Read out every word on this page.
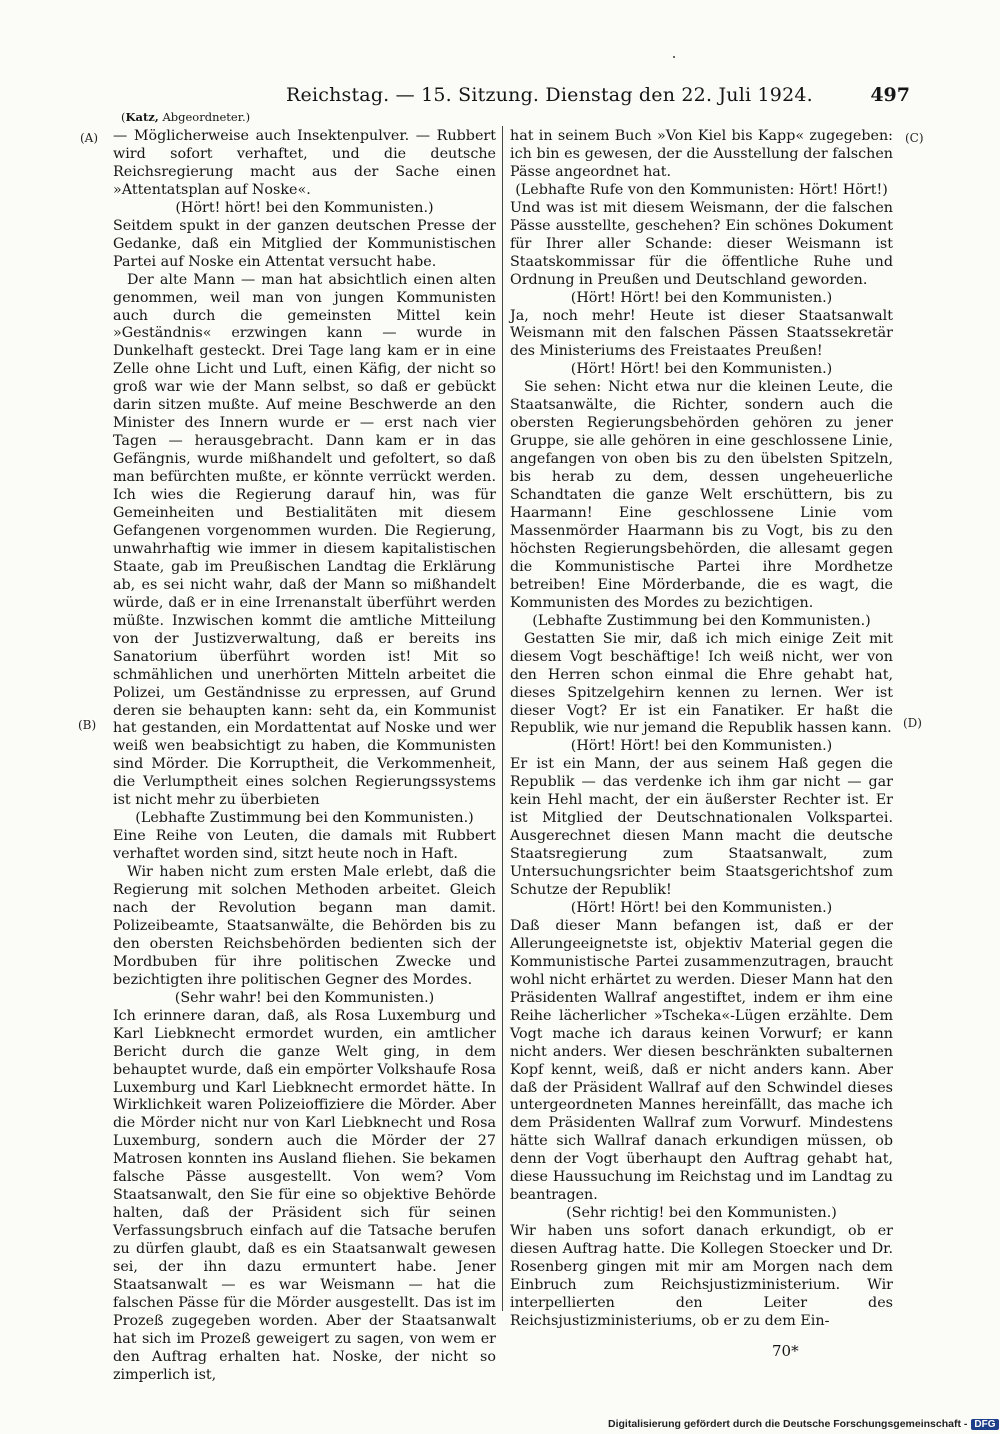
Reichstag. — 15. Sitzung. Dienstag den 22. Juli 1924.	497
(Katz, Abgeordneter.)
(A)
(B)
(C)
(D)

— Möglicherweise auch Insektenpulver. — Rubbert wird sofort verhaftet, und die deutsche Reichsregierung macht aus der Sache einen »Attentatsplan auf Noske«.

(Hört! hört! bei den Kommunisten.)

Seitdem spukt in der ganzen deutschen Presse der Gedanke, daß ein Mitglied der Kommunistischen Partei auf Noske ein Attentat versucht habe.

Der alte Mann — man hat absichtlich einen alten genommen, weil man von jungen Kommunisten auch durch die gemeinsten Mittel kein »Geständnis« erzwingen kann — wurde in Dunkelhaft gesteckt. Drei Tage lang kam er in eine Zelle ohne Licht und Luft, einen Käfig, der nicht so groß war wie der Mann selbst, so daß er gebückt darin sitzen mußte. Auf meine Beschwerde an den Minister des Innern wurde er — erst nach vier Tagen — herausgebracht. Dann kam er in das Gefängnis, wurde mißhandelt und gefoltert, so daß man befürchten mußte, er könnte verrückt werden. Ich wies die Regierung darauf hin, was für Gemeinheiten und Bestialitäten mit diesem Gefangenen vorgenommen wurden. Die Regierung, unwahrhaftig wie immer in diesem kapitalistischen Staate, gab im Preußischen Landtag die Erklärung ab, es sei nicht wahr, daß der Mann so mißhandelt würde, daß er in eine Irrenanstalt überführt werden müßte. Inzwischen kommt die amtliche Mitteilung von der Justizverwaltung, daß er bereits ins Sanatorium überführt worden ist! Mit so schmählichen und unerhörten Mitteln arbeitet die Polizei, um Geständnisse zu erpressen, auf Grund deren sie behaupten kann: seht da, ein Kommunist hat gestanden, ein Mordattentat auf Noske und wer weiß wen beabsichtigt zu haben, die Kommunisten sind Mörder. Die Korruptheit, die Verkommenheit, die Verlumptheit eines solchen Regierungssystems ist nicht mehr zu überbieten

(Lebhafte Zustimmung bei den Kommunisten.)

Eine Reihe von Leuten, die damals mit Rubbert verhaftet worden sind, sitzt heute noch in Haft.

Wir haben nicht zum ersten Male erlebt, daß die Regierung mit solchen Methoden arbeitet. Gleich nach der Revolution begann man damit. Polizeibeamte, Staatsanwälte, die Behörden bis zu den obersten Reichsbehörden bedienten sich der Mordbuben für ihre politischen Zwecke und bezichtigten ihre politischen Gegner des Mordes.

(Sehr wahr! bei den Kommunisten.)

Ich erinnere daran, daß, als Rosa Luxemburg und Karl Liebknecht ermordet wurden, ein amtlicher Bericht durch die ganze Welt ging, in dem behauptet wurde, daß ein empörter Volkshaufe Rosa Luxemburg und Karl Liebknecht ermordet hätte. In Wirklichkeit waren Polizeioffiziere die Mörder. Aber die Mörder nicht nur von Karl Liebknecht und Rosa Luxemburg, sondern auch die Mörder der 27 Matrosen konnten ins Ausland fliehen. Sie bekamen falsche Pässe ausgestellt. Von wem? Vom Staatsanwalt, den Sie für eine so objektive Behörde halten, daß der Präsident sich für seinen Verfassungsbruch einfach auf die Tatsache berufen zu dürfen glaubt, daß es ein Staatsanwalt gewesen sei, der ihn dazu ermuntert habe. Jener Staatsanwalt — es war Weismann — hat die falschen Pässe für die Mörder ausgestellt. Das ist im Prozeß zugegeben worden. Aber der Staatsanwalt hat sich im Prozeß geweigert zu sagen, von wem er den Auftrag erhalten hat. Noske, der nicht so zimperlich ist,

hat in seinem Buch »Von Kiel bis Kapp« zugegeben: ich bin es gewesen, der die Ausstellung der falschen Pässe angeordnet hat.

(Lebhafte Rufe von den Kommunisten: Hört! Hört!)

Und was ist mit diesem Weismann, der die falschen Pässe ausstellte, geschehen? Ein schönes Dokument für Ihrer aller Schande: dieser Weismann ist Staatskommissar für die öffentliche Ruhe und Ordnung in Preußen und Deutschland geworden.

(Hört! Hört! bei den Kommunisten.)

Ja, noch mehr! Heute ist dieser Staatsanwalt Weismann mit den falschen Pässen Staatssekretär des Ministeriums des Freistaates Preußen!

(Hört! Hört! bei den Kommunisten.)

Sie sehen: Nicht etwa nur die kleinen Leute, die Staatsanwälte, die Richter, sondern auch die obersten Regierungsbehörden gehören zu jener Gruppe, sie alle gehören in eine geschlossene Linie, angefangen von oben bis zu den übelsten Spitzeln, bis herab zu dem, dessen ungeheuerliche Schandtaten die ganze Welt erschüttern, bis zu Haarmann! Eine geschlossene Linie vom Massenmörder Haarmann bis zu Vogt, bis zu den höchsten Regierungsbehörden, die allesamt gegen die Kommunistische Partei ihre Mordhetze betreiben! Eine Mörderbande, die es wagt, die Kommunisten des Mordes zu bezichtigen.

(Lebhafte Zustimmung bei den Kommunisten.)

Gestatten Sie mir, daß ich mich einige Zeit mit diesem Vogt beschäftige! Ich weiß nicht, wer von den Herren schon einmal die Ehre gehabt hat, dieses Spitzelgehirn kennen zu lernen. Wer ist dieser Vogt? Er ist ein Fanatiker. Er haßt die Republik, wie nur jemand die Republik hassen kann.

(Hört! Hört! bei den Kommunisten.)

Er ist ein Mann, der aus seinem Haß gegen die Republik — das verdenke ich ihm gar nicht — gar kein Hehl macht, der ein äußerster Rechter ist. Er ist Mitglied der Deutschnationalen Volkspartei. Ausgerechnet diesen Mann macht die deutsche Staatsregierung zum Staatsanwalt, zum Untersuchungsrichter beim Staatsgerichtshof zum Schutze der Republik!

(Hört! Hört! bei den Kommunisten.)

Daß dieser Mann befangen ist, daß er der Allerungeeignetste ist, objektiv Material gegen die Kommunistische Partei zusammenzutragen, braucht wohl nicht erhärtet zu werden. Dieser Mann hat den Präsidenten Wallraf angestiftet, indem er ihm eine Reihe lächerlicher »Tscheka«-Lügen erzählte. Dem Vogt mache ich daraus keinen Vorwurf; er kann nicht anders. Wer diesen beschränkten subalternen Kopf kennt, weiß, daß er nicht anders kann. Aber daß der Präsident Wallraf auf den Schwindel dieses untergeordneten Mannes hereinfällt, das mache ich dem Präsidenten Wallraf zum Vorwurf. Mindestens hätte sich Wallraf danach erkundigen müssen, ob denn der Vogt überhaupt den Auftrag gehabt hat, diese Haussuchung im Reichstag und im Landtag zu beantragen.

(Sehr richtig! bei den Kommunisten.)

Wir haben uns sofort danach erkundigt, ob er diesen Auftrag hatte. Die Kollegen Stoecker und Dr. Rosenberg gingen mit mir am Morgen nach dem Einbruch zum Reichsjustizministerium. Wir interpellierten den Leiter des Reichsjustizministeriums, ob er zu dem Ein-

70*
Digitalisierung gefördert durch die Deutsche Forschungsgemeinschaft - DFG
